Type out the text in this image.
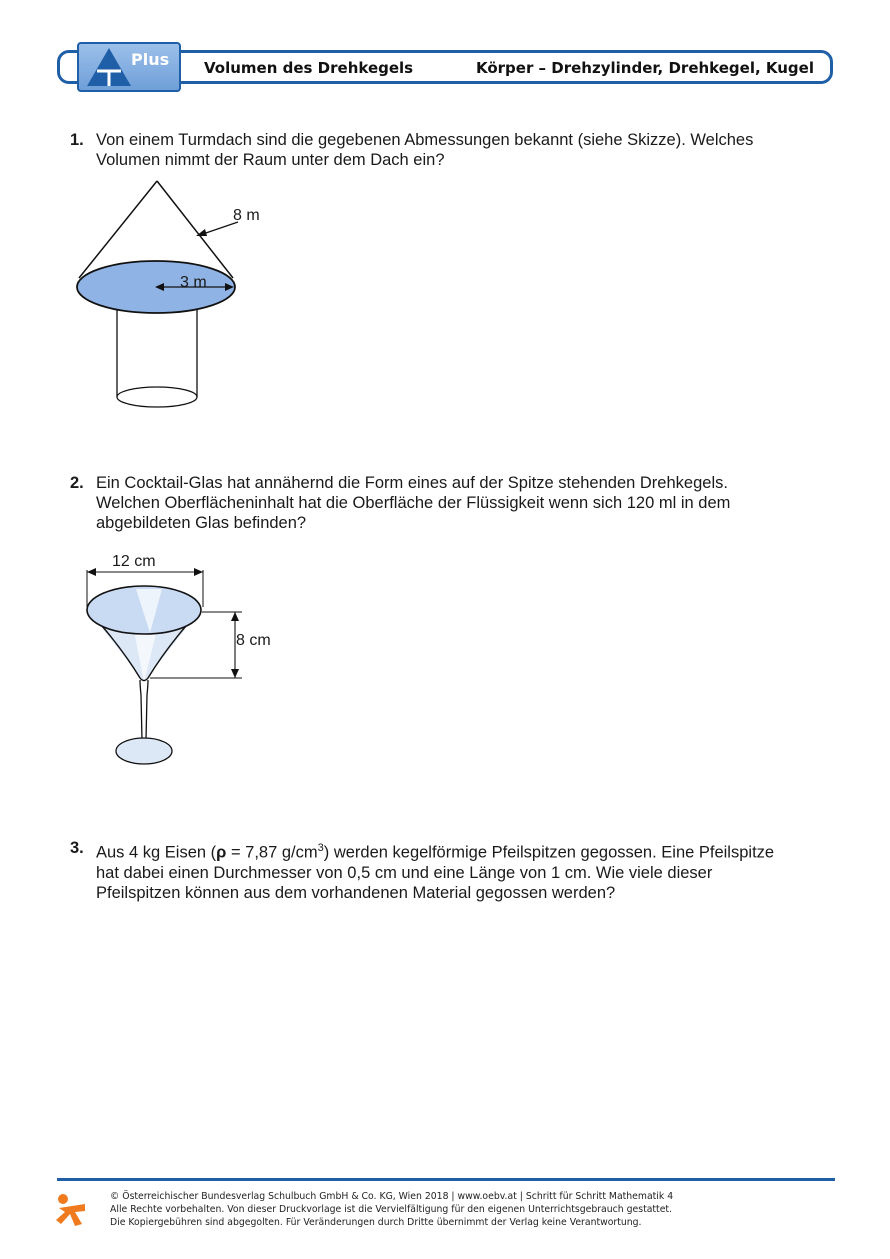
Plus Volumen des Drehkegels	Körper – Drehzylinder, Drehkegel, Kugel
1. Von einem Turmdach sind die gegebenen Abmessungen bekannt (siehe Skizze). Welches
Volumen nimmt der Raum unter dem Dach ein?
3 m
8 m
2. Ein Cocktail-Glas hat annähernd die Form eines auf der Spitze stehenden Drehkegels.
Welchen Oberflächeninhalt hat die Oberfläche der Flüssigkeit wenn sich 120 ml in dem
abgebildeten Glas befinden?
12 cm
8 cm
3. Aus 4 kg Eisen (ρ = 7,87 $g/cm^3$) werden kegelförmige Pfeilspitzen gegossen. Eine Pfeilspitze
hat dabei einen Durchmesser von 0,5 cm und eine Länge von 1 cm. Wie viele dieser
Pfeilspitzen können aus dem vorhandenen Material gegossen werden?
© Österreichischer Bundesverlag Schulbuch GmbH & Co. KG, Wien 2018 | www.oebv.at | Schritt für Schritt Mathematik 4
Alle Rechte vorbehalten. Von dieser Druckvorlage ist die Vervielfältigung für den eigenen Unterrichtsgebrauch gestattet.
Die Kopiergebühren sind abgegolten. Für Veränderungen durch Dritte übernimmt der Verlag keine Verantwortung.
